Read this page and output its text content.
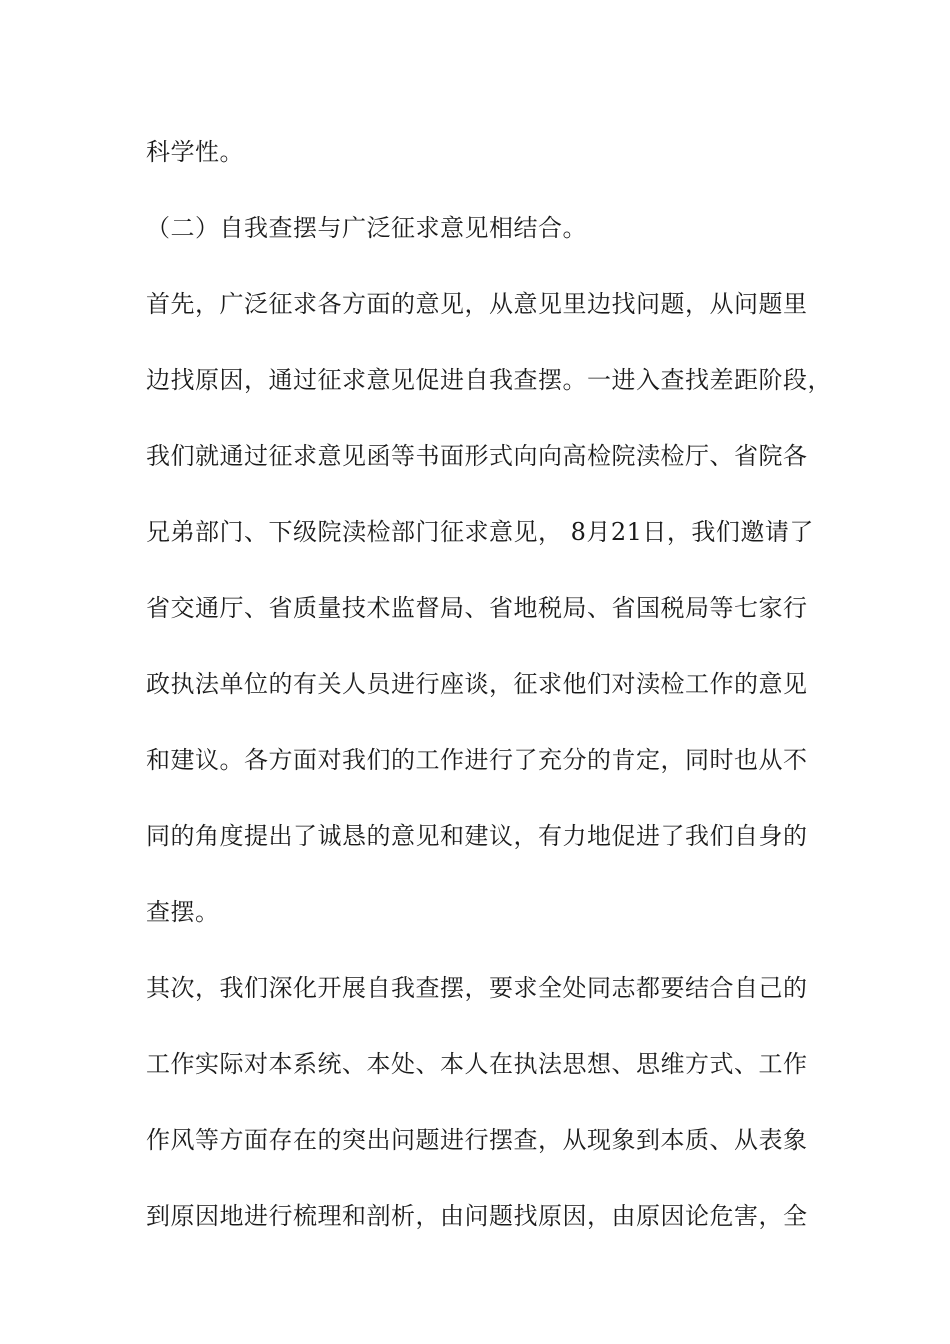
科学性。
（二）自我查摆与广泛征求意见相结合。
首先，广泛征求各方面的意见，从意见里边找问题，从问题里
边找原因，通过征求意见促进自我查摆。一进入查找差距阶段，
我们就通过征求意见函等书面形式向向高检院渎检厅、省院各
兄弟部门、下级院渎检部门征求意见， 8月21日，我们邀请了
省交通厅、省质量技术监督局、省地税局、省国税局等七家行
政执法单位的有关人员进行座谈，征求他们对渎检工作的意见
和建议。各方面对我们的工作进行了充分的肯定，同时也从不
同的角度提出了诚恳的意见和建议，有力地促进了我们自身的
查摆。
其次，我们深化开展自我查摆，要求全处同志都要结合自己的
工作实际对本系统、本处、本人在执法思想、思维方式、工作
作风等方面存在的突出问题进行摆查，从现象到本质、从表象
到原因地进行梳理和剖析，由问题找原因，由原因论危害，全
